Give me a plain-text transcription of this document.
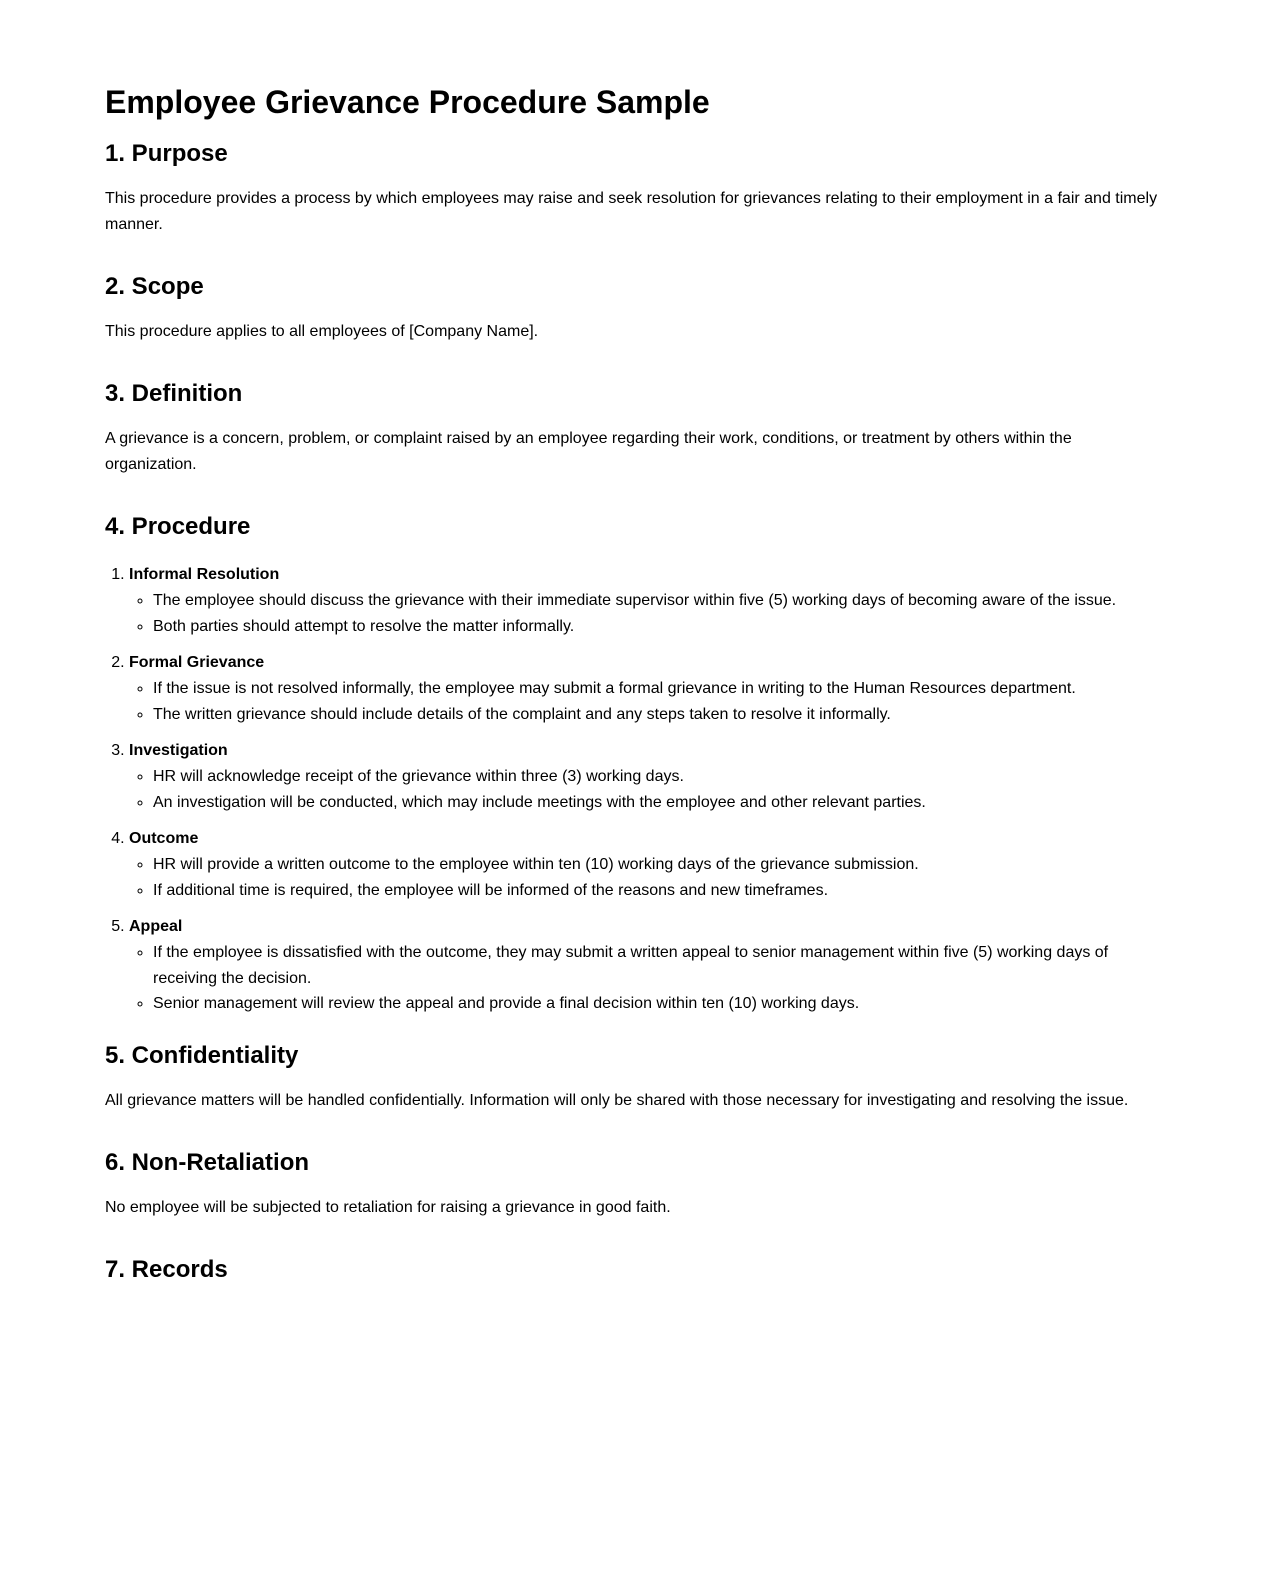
Employee Grievance Procedure Sample
1. Purpose

This procedure provides a process by which employees may raise and seek resolution for grievances relating to their employment in a fair and timely manner.

2. Scope

This procedure applies to all employees of [Company Name].

3. Definition

A grievance is a concern, problem, or complaint raised by an employee regarding their work, conditions, or treatment by others within the organization.

4. Procedure
1. Informal Resolution
◦ The employee should discuss the grievance with their immediate supervisor within five (5) working days of becoming aware of the issue.
◦ Both parties should attempt to resolve the matter informally.
2. Formal Grievance
◦ If the issue is not resolved informally, the employee may submit a formal grievance in writing to the Human Resources department.
◦ The written grievance should include details of the complaint and any steps taken to resolve it informally.
3. Investigation
◦ HR will acknowledge receipt of the grievance within three (3) working days.
◦ An investigation will be conducted, which may include meetings with the employee and other relevant parties.
4. Outcome
◦ HR will provide a written outcome to the employee within ten (10) working days of the grievance submission.
◦ If additional time is required, the employee will be informed of the reasons and new timeframes.
5. Appeal
◦ If the employee is dissatisfied with the outcome, they may submit a written appeal to senior management within five (5) working days of receiving the decision.
◦ Senior management will review the appeal and provide a final decision within ten (10) working days.
5. Confidentiality

All grievance matters will be handled confidentially. Information will only be shared with those necessary for investigating and resolving the issue.

6. Non-Retaliation

No employee will be subjected to retaliation for raising a grievance in good faith.

7. Records
